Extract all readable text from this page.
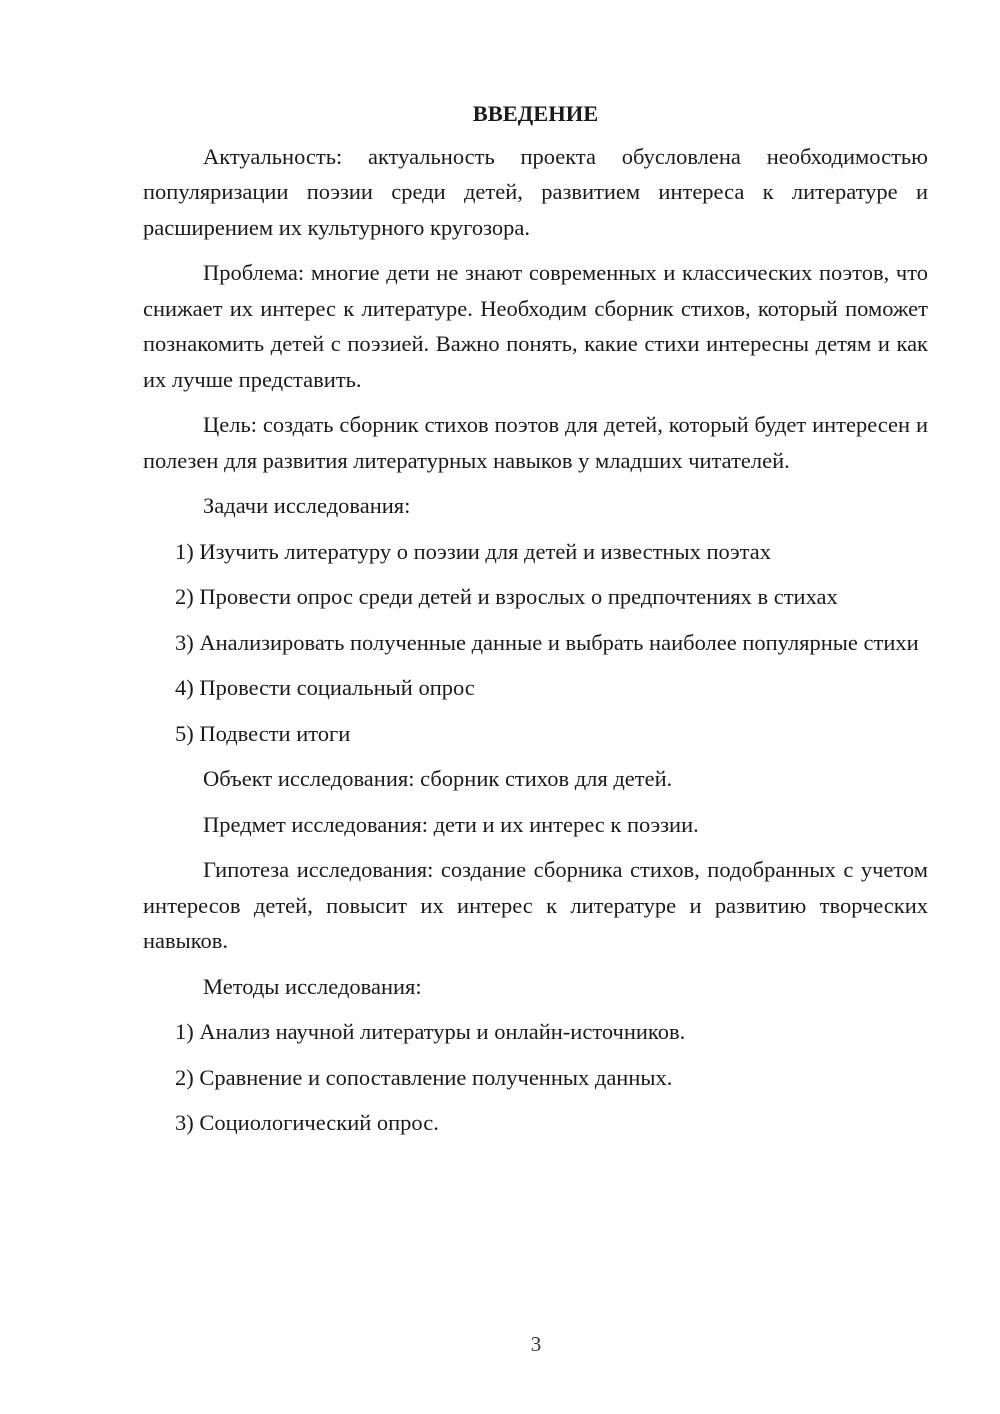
ВВЕДЕНИЕ

Актуальность: актуальность проекта обусловлена необходимостью популяризации поэзии среди детей, развитием интереса к литературе и расширением их культурного кругозора.

Проблема: многие дети не знают современных и классических поэтов, что снижает их интерес к литературе. Необходим сборник стихов, который поможет познакомить детей с поэзией. Важно понять, какие стихи интересны детям и как их лучше представить.

Цель: создать сборник стихов поэтов для детей, который будет интересен и полезен для развития литературных навыков у младших читателей.

Задачи исследования:

1) Изучить литературу о поэзии для детей и известных поэтах

2) Провести опрос среди детей и взрослых о предпочтениях в стихах

3) Анализировать полученные данные и выбрать наиболее популярные стихи

4) Провести социальный опрос

5) Подвести итоги

Объект исследования: сборник стихов для детей.

Предмет исследования: дети и их интерес к поэзии.

Гипотеза исследования: создание сборника стихов, подобранных с учетом интересов детей, повысит их интерес к литературе и развитию творческих навыков.

Методы исследования:

1) Анализ научной литературы и онлайн-источников.

2) Сравнение и сопоставление полученных данных.

3) Социологический опрос.

3
